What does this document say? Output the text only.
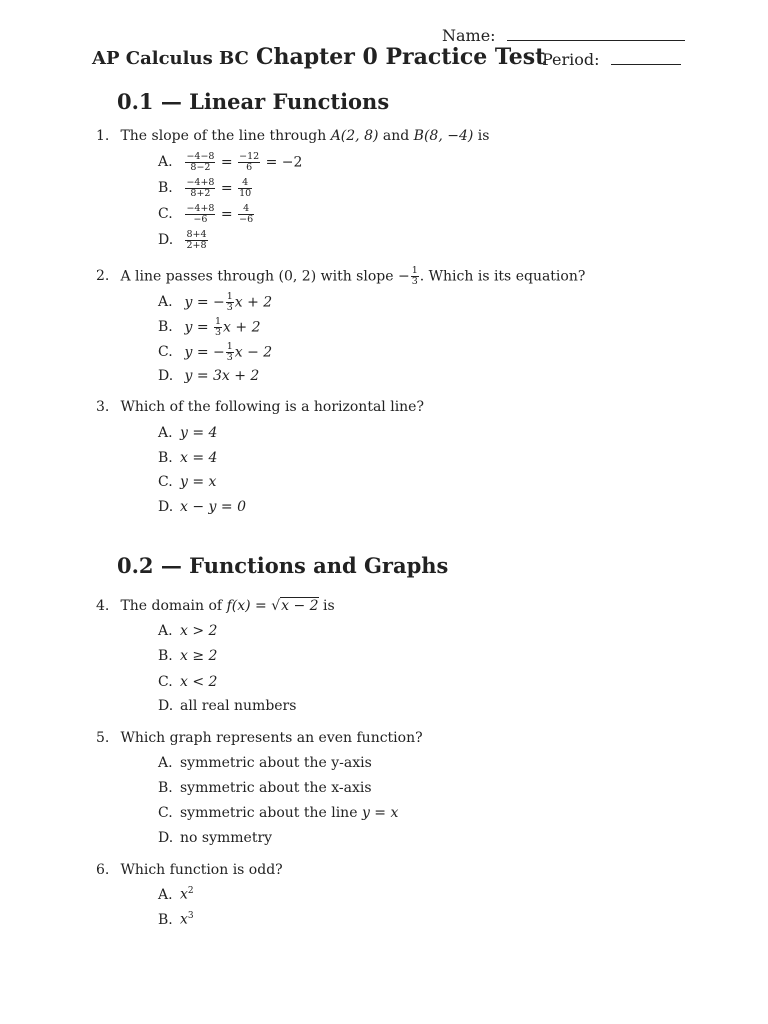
Name:
AP Calculus BC Chapter 0 Practice Test
Period:
0.1 — Linear Functions
1. The slope of the line through A(2, 8) and B(8, −4) is
A. $\frac{-4-8}{8-2} = \frac{-12}{6} = -2$
B. $\frac{-4+8}{8+2} = \frac{4}{10}$
C. $\frac{-4+8}{-6} = \frac{4}{-6}$
D. $\frac{8+4}{2+8}$
2. A line passes through (0, 2) with slope − $\frac{1}{3}$ . Which is its equation?
A. y = − $\frac{1}{3}$ x + 2
B. $y = \frac{1}{3}$ x + 2
C. y = − $\frac{1}{3}$ x − 2
D. y = 3x + 2
3. Which of the following is a horizontal line?
A. y = 4
B. x = 4
C. y = x
D. x − y = 0
0.2 — Functions and Graphs
4. The domain of f(x) = √x − 2 is
A. x > 2
B. x ≥ 2
C. x < 2
D. all real numbers
5. Which graph represents an even function?
A. symmetric about the y-axis
B. symmetric about the x-axis
C. symmetric about the line y = x
D. no symmetry
6. Which function is odd?
A. $x^2$
B. $x^3$
